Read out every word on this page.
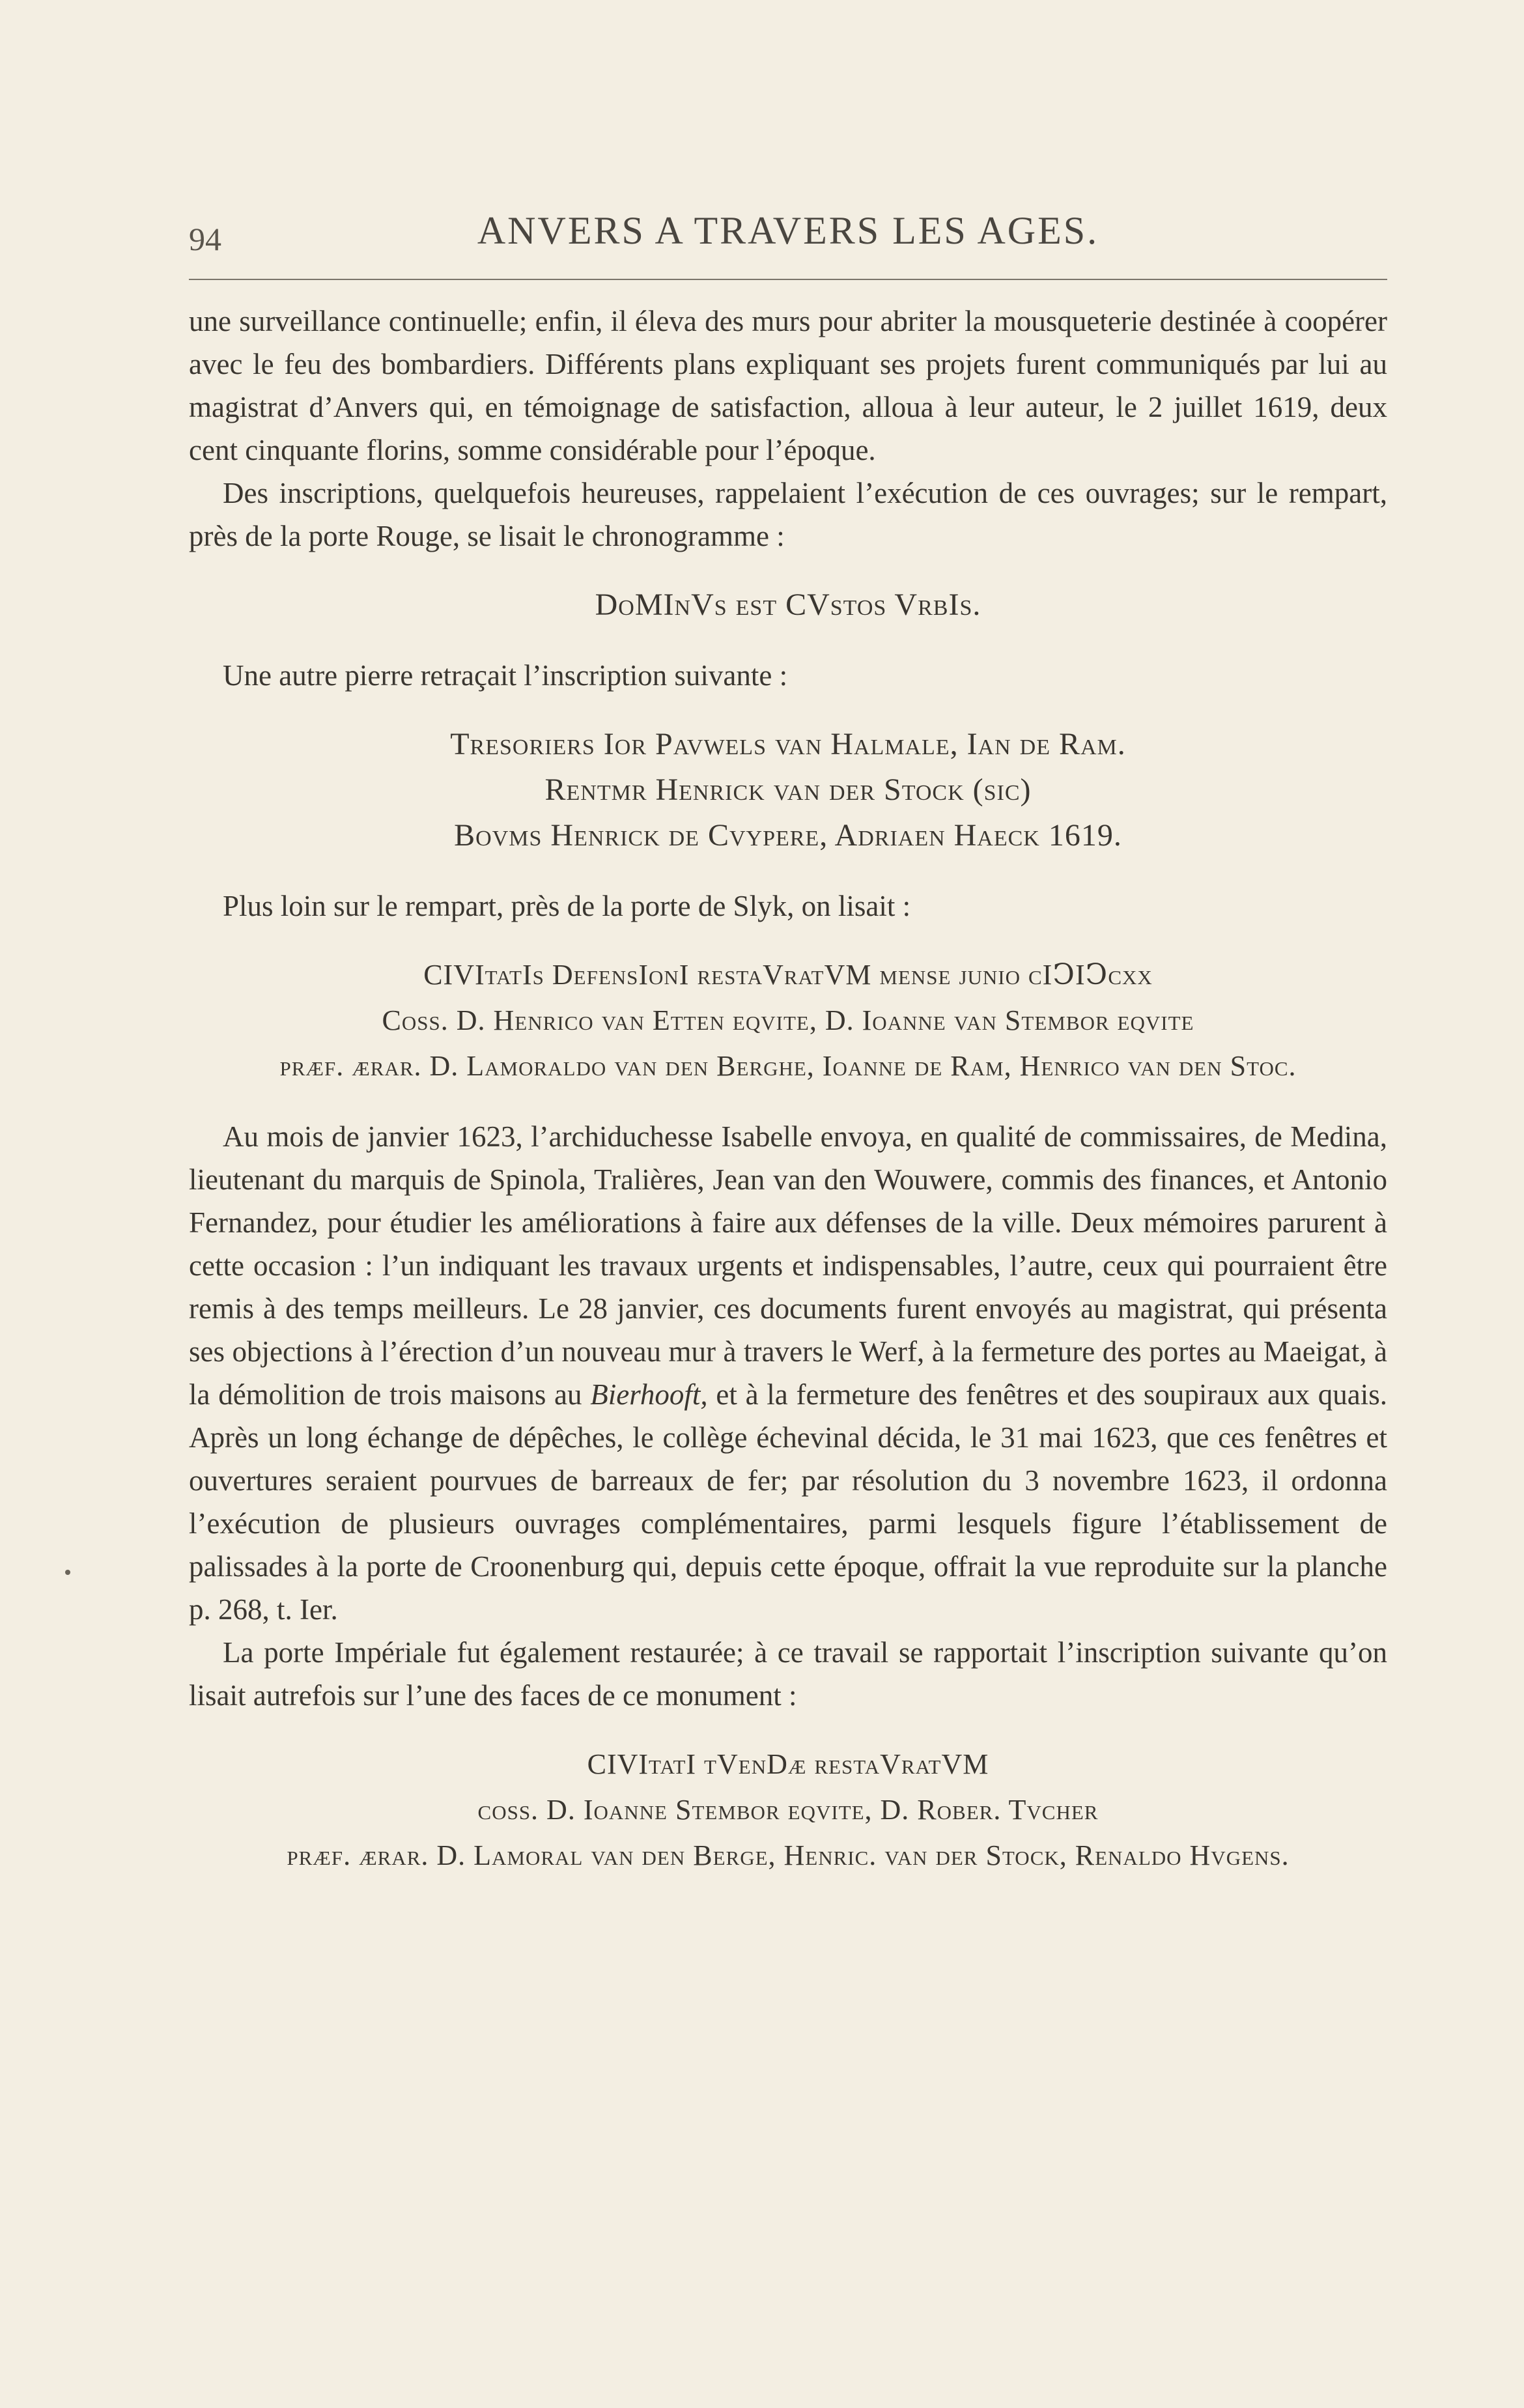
94	ANVERS A TRAVERS LES AGES.

une surveillance continuelle; enfin, il éleva des murs pour abriter la mousqueterie destinée à coopérer avec le feu des bombardiers. Différents plans expliquant ses projets furent communiqués par lui au magistrat d’Anvers qui, en témoignage de satisfaction, alloua à leur auteur, le 2 juillet 1619, deux cent cinquante florins, somme considérable pour l’époque.

Des inscriptions, quelquefois heureuses, rappelaient l’exécution de ces ouvrages; sur le rempart, près de la porte Rouge, se lisait le chronogramme :

DoMInVs est CVstos VrbIs.

Une autre pierre retraçait l’inscription suivante :

Tresoriers Ior Pavwels van Halmale, Ian de Ram.
Rentmr Henrick van der Stock (sic)
Bovms Henrick de Cvypere, Adriaen Haeck 1619.

Plus loin sur le rempart, près de la porte de Slyk, on lisait :

CIVItatIs DefensIonI restaVratVM mense junio cIↃIↃcxx
Coss. D. Henrico van Etten eqvite, D. Ioanne van Stembor eqvite
præf. ærar. D. Lamoraldo van den Berghe, Ioanne de Ram, Henrico van den Stoc.

Au mois de janvier 1623, l’archiduchesse Isabelle envoya, en qualité de commissaires, de Medina, lieutenant du marquis de Spinola, Tralières, Jean van den Wouwere, commis des finances, et Antonio Fernandez, pour étudier les améliorations à faire aux défenses de la ville. Deux mémoires parurent à cette occasion : l’un indiquant les travaux urgents et indispensables, l’autre, ceux qui pourraient être remis à des temps meilleurs. Le 28 janvier, ces documents furent envoyés au magistrat, qui présenta ses objections à l’érection d’un nouveau mur à travers le Werf, à la fermeture des portes au Maeigat, à la démolition de trois maisons au Bierhooft, et à la fermeture des fenêtres et des soupiraux aux quais. Après un long échange de dépêches, le collège échevinal décida, le 31 mai 1623, que ces fenêtres et ouvertures seraient pourvues de barreaux de fer; par résolution du 3 novembre 1623, il ordonna l’exécution de plusieurs ouvrages complémentaires, parmi lesquels figure l’établissement de palissades à la porte de Croonenburg qui, depuis cette époque, offrait la vue reproduite sur la planche p. 268, t. Ier.

La porte Impériale fut également restaurée; à ce travail se rapportait l’inscription suivante qu’on lisait autrefois sur l’une des faces de ce monument :

CIVItatI tVenDæ restaVratVM
coss. D. Ioanne Stembor eqvite, D. Rober. Tvcher
præf. ærar. D. Lamoral van den Berge, Henric. van der Stock, Renaldo Hvgens.
